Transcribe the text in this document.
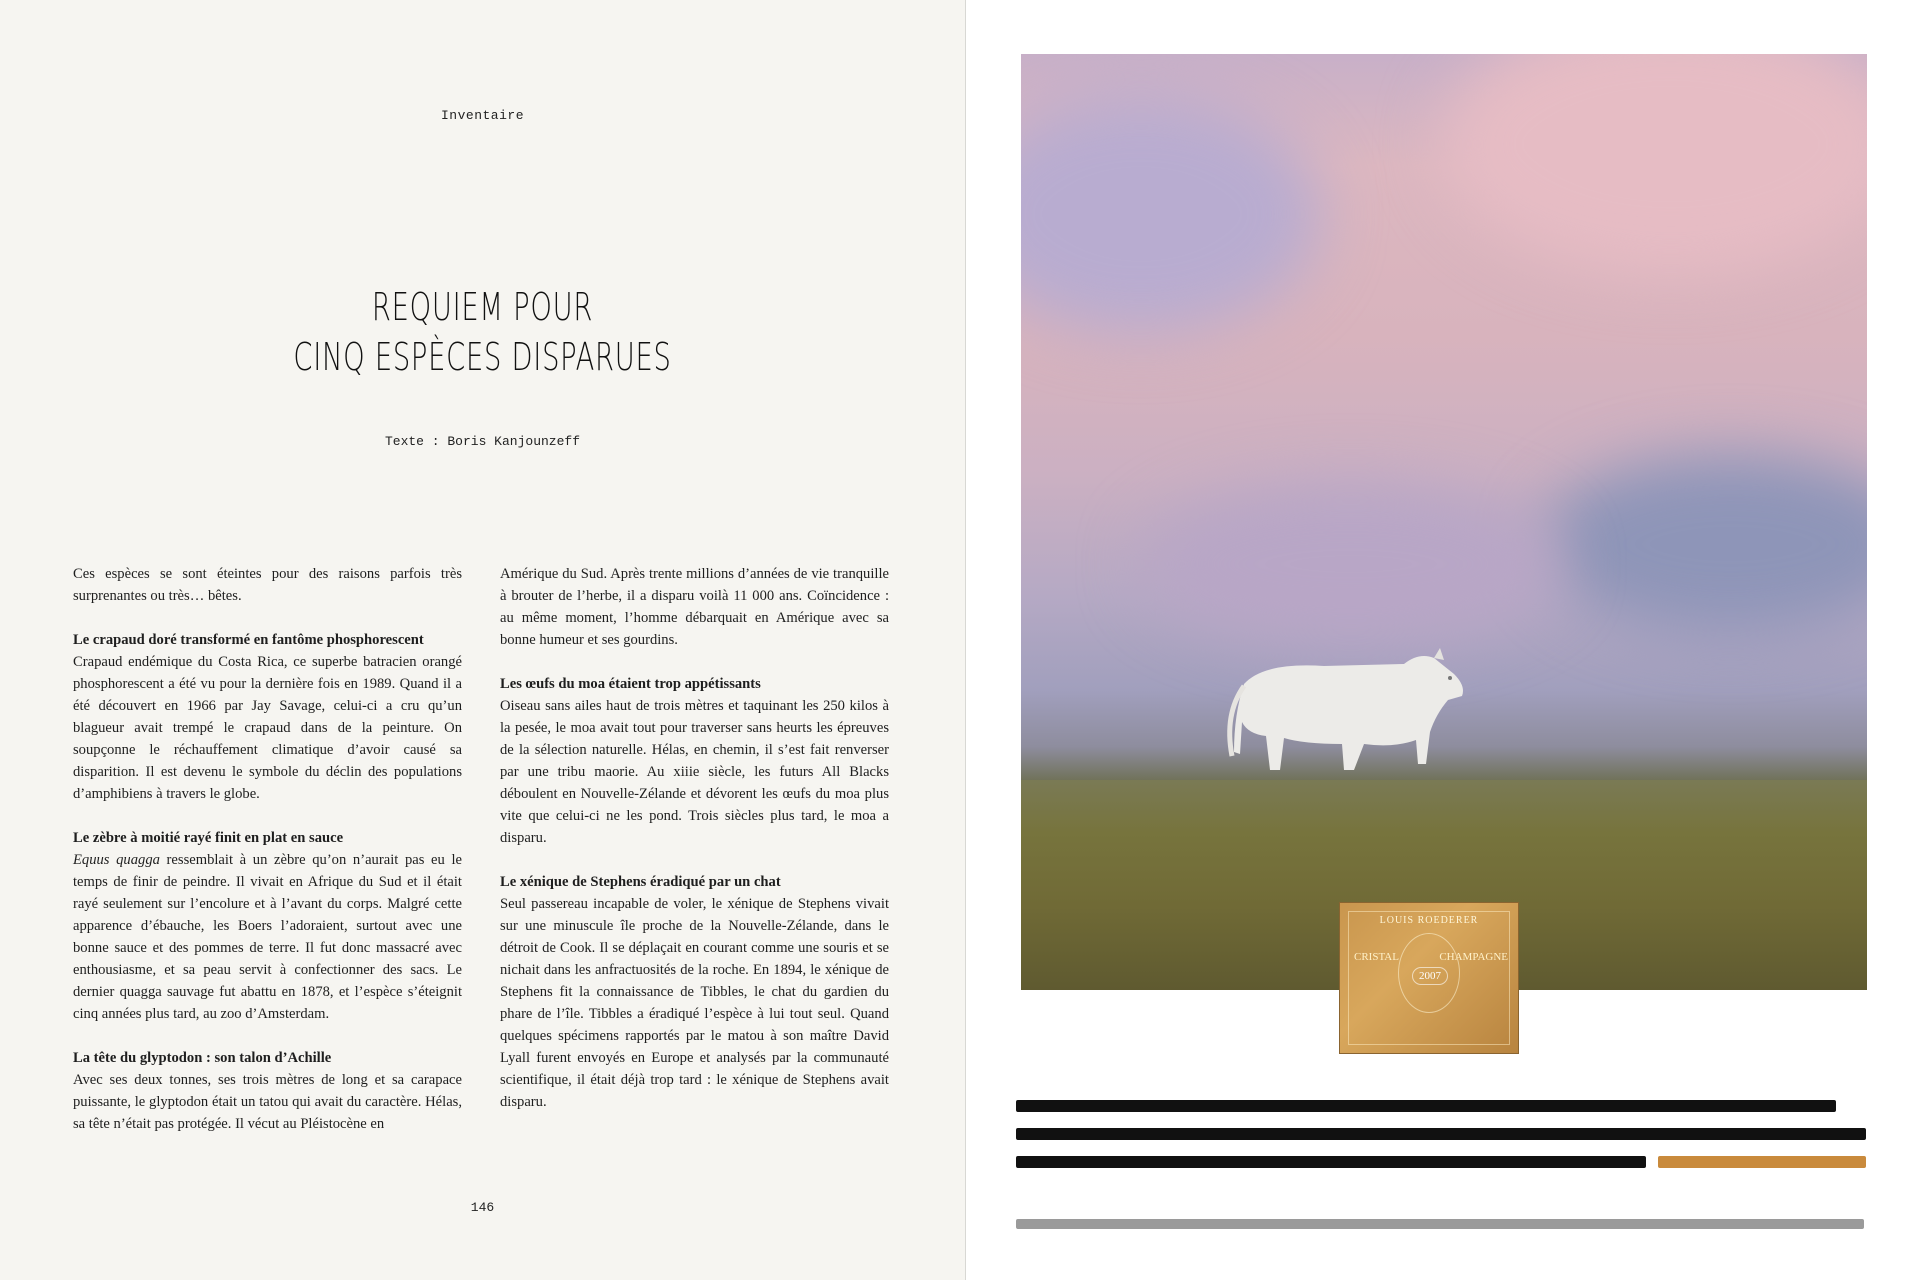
Inventaire
REQUIEM POUR
CINQ ESPÈCES DISPARUES
Texte : Boris Kanjounzeff

Ces espèces se sont éteintes pour des raisons parfois très surprenantes ou très… bêtes.

Le crapaud doré transformé en fantôme phosphorescent
Crapaud endémique du Costa Rica, ce superbe batracien orangé phosphorescent a été vu pour la dernière fois en 1989. Quand il a été découvert en 1966 par Jay Savage, celui-ci a cru qu’un blagueur avait trempé le crapaud dans de la peinture. On soupçonne le réchauffement climatique d’avoir causé sa disparition. Il est devenu le symbole du déclin des populations d’amphibiens à travers le globe.

Le zèbre à moitié rayé finit en plat en sauce
Equus quagga ressemblait à un zèbre qu’on n’aurait pas eu le temps de finir de peindre. Il vivait en Afrique du Sud et il était rayé seulement sur l’encolure et à l’avant du corps. Malgré cette apparence d’ébauche, les Boers l’adoraient, surtout avec une bonne sauce et des pommes de terre. Il fut donc massacré avec enthousiasme, et sa peau servit à confectionner des sacs. Le dernier quagga sauvage fut abattu en 1878, et l’espèce s’éteignit cinq années plus tard, au zoo d’Amsterdam.

La tête du glyptodon : son talon d’Achille
Avec ses deux tonnes, ses trois mètres de long et sa carapace puissante, le glyptodon était un tatou qui avait du caractère. Hélas, sa tête n’était pas protégée. Il vécut au Pléistocène en

Amérique du Sud. Après trente millions d’années de vie tranquille à brouter de l’herbe, il a disparu voilà 11 000 ans. Coïncidence : au même moment, l’homme débarquait en Amérique avec sa bonne humeur et ses gourdins.

Les œufs du moa étaient trop appétissants
Oiseau sans ailes haut de trois mètres et taquinant les 250 kilos à la pesée, le moa avait tout pour traverser sans heurts les épreuves de la sélection naturelle. Hélas, en chemin, il s’est fait renverser par une tribu maorie. Au xiiie siècle, les futurs All Blacks déboulent en Nouvelle-Zélande et dévorent les œufs du moa plus vite que celui-ci ne les pond. Trois siècles plus tard, le moa a disparu.

Le xénique de Stephens éradiqué par un chat
Seul passereau incapable de voler, le xénique de Stephens vivait sur une minuscule île proche de la Nouvelle-Zélande, dans le détroit de Cook. Il se déplaçait en courant comme une souris et se nichait dans les anfractuosités de la roche. En 1894, le xénique de Stephens fit la connaissance de Tibbles, le chat du gardien du phare de l’île. Tibbles a éradiqué l’espèce à lui tout seul. Quand quelques spécimens rapportés par le matou à son maître David Lyall furent envoyés en Europe et analysés par la communauté scientifique, il était déjà trop tard : le xénique de Stephens avait disparu.

146
LOUIS ROEDERER
CRISTAL	CHAMPAGNE
2007
